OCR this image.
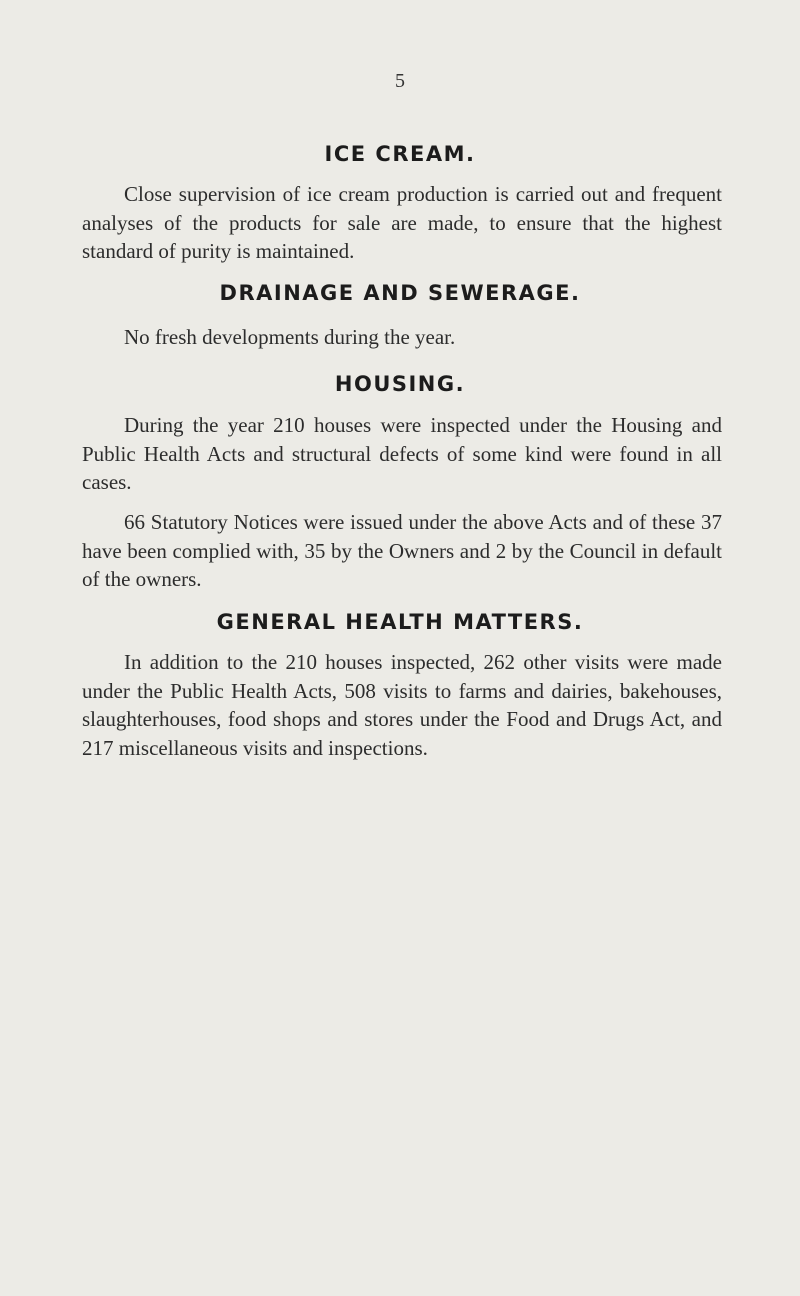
5
ICE CREAM.

Close supervision of ice cream production is carried out and frequent analyses of the products for sale are made, to ensure that the highest standard of purity is maintained.

DRAINAGE AND SEWERAGE.

No fresh developments during the year.

HOUSING.

During the year 210 houses were inspected under the Housing and Public Health Acts and structural defects of some kind were found in all cases.

66 Statutory Notices were issued under the above Acts and of these 37 have been complied with, 35 by the Owners and 2 by the Council in default of the owners.

GENERAL HEALTH MATTERS.

In addition to the 210 houses inspected, 262 other visits were made under the Public Health Acts, 508 visits to farms and dairies, bakehouses, slaughterhouses, food shops and stores under the Food and Drugs Act, and 217 miscellaneous visits and inspections.
